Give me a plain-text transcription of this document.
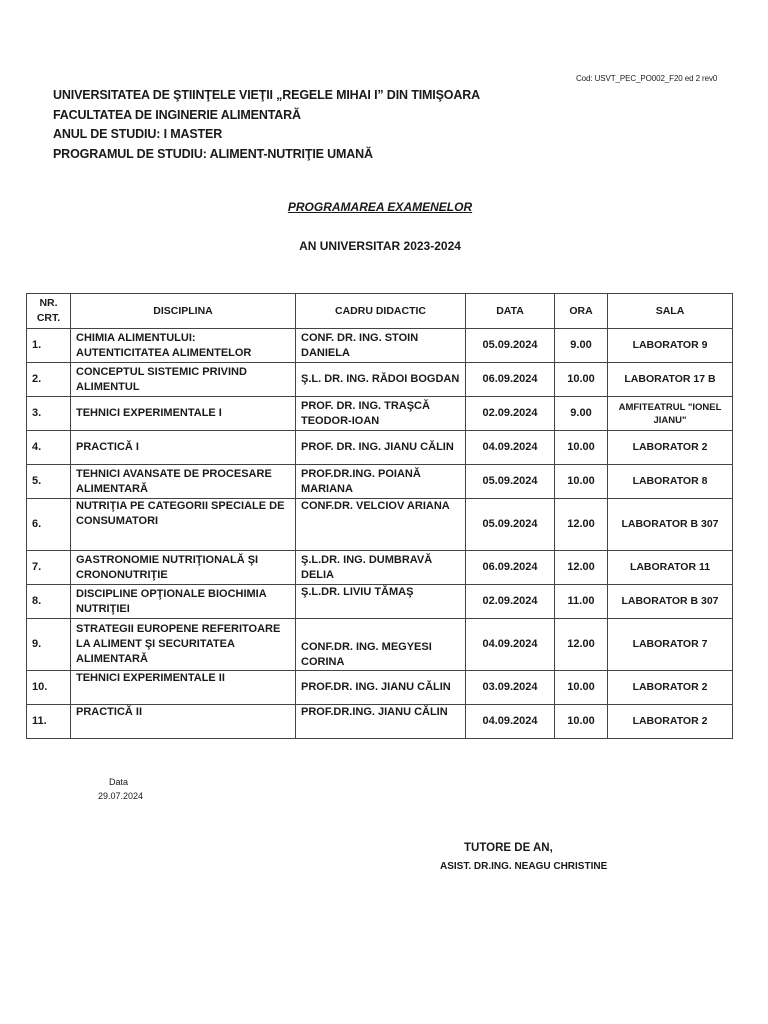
Cod: USVT_PEC_PO002_F20 ed 2 rev0
UNIVERSITATEA DE ŞTIINŢELE VIEŢII „REGELE MIHAI I” DIN TIMIŞOARA
FACULTATEA DE INGINERIE ALIMENTARĂ
ANUL DE STUDIU: I MASTER
PROGRAMUL DE STUDIU: ALIMENT-NUTRIŢIE UMANĂ
PROGRAMAREA EXAMENELOR
AN UNIVERSITAR 2023-2024
NR. CRT.	DISCIPLINA	CADRU DIDACTIC	DATA	ORA	SALA
1.	CHIMIA ALIMENTULUI: AUTENTICITATEA ALIMENTELOR	CONF. DR. ING. STOIN DANIELA	05.09.2024	9.00	LABORATOR 9
2.	CONCEPTUL SISTEMIC PRIVIND ALIMENTUL	Ş.L. DR. ING. RĂDOI BOGDAN	06.09.2024	10.00	LABORATOR 17 B
3.	TEHNICI EXPERIMENTALE I	PROF. DR. ING. TRAŞCĂ TEODOR-IOAN	02.09.2024	9.00	AMFITEATRUL "IONEL JIANU"
4.	PRACTICĂ I	PROF. DR. ING. JIANU CĂLIN	04.09.2024	10.00	LABORATOR 2
5.	TEHNICI AVANSATE DE PROCESARE ALIMENTARĂ	PROF.DR.ING. POIANĂ MARIANA	05.09.2024	10.00	LABORATOR 8
6.	NUTRIŢIA PE CATEGORII SPECIALE DE CONSUMATORI	CONF.DR. VELCIOV ARIANA	05.09.2024	12.00	LABORATOR B 307
7.	GASTRONOMIE NUTRIŢIONALĂ ŞI CRONONUTRIŢIE	Ş.L.DR. ING. DUMBRAVĂ DELIA	06.09.2024	12.00	LABORATOR 11
8.	DISCIPLINE OPŢIONALE BIOCHIMIA NUTRIŢIEI	Ş.L.DR. LIVIU TĂMAŞ	02.09.2024	11.00	LABORATOR B 307
9.	STRATEGII EUROPENE REFERITOARE LA ALIMENT ŞI SECURITATEA ALIMENTARĂ	CONF.DR. ING. MEGYESI CORINA	04.09.2024	12.00	LABORATOR 7
10.	TEHNICI EXPERIMENTALE II	PROF.DR. ING. JIANU CĂLIN	03.09.2024	10.00	LABORATOR 2
11.	PRACTICĂ II	PROF.DR.ING. JIANU CĂLIN	04.09.2024	10.00	LABORATOR 2
Data
29.07.2024
TUTORE DE AN,
ASIST. DR.ING. NEAGU CHRISTINE
